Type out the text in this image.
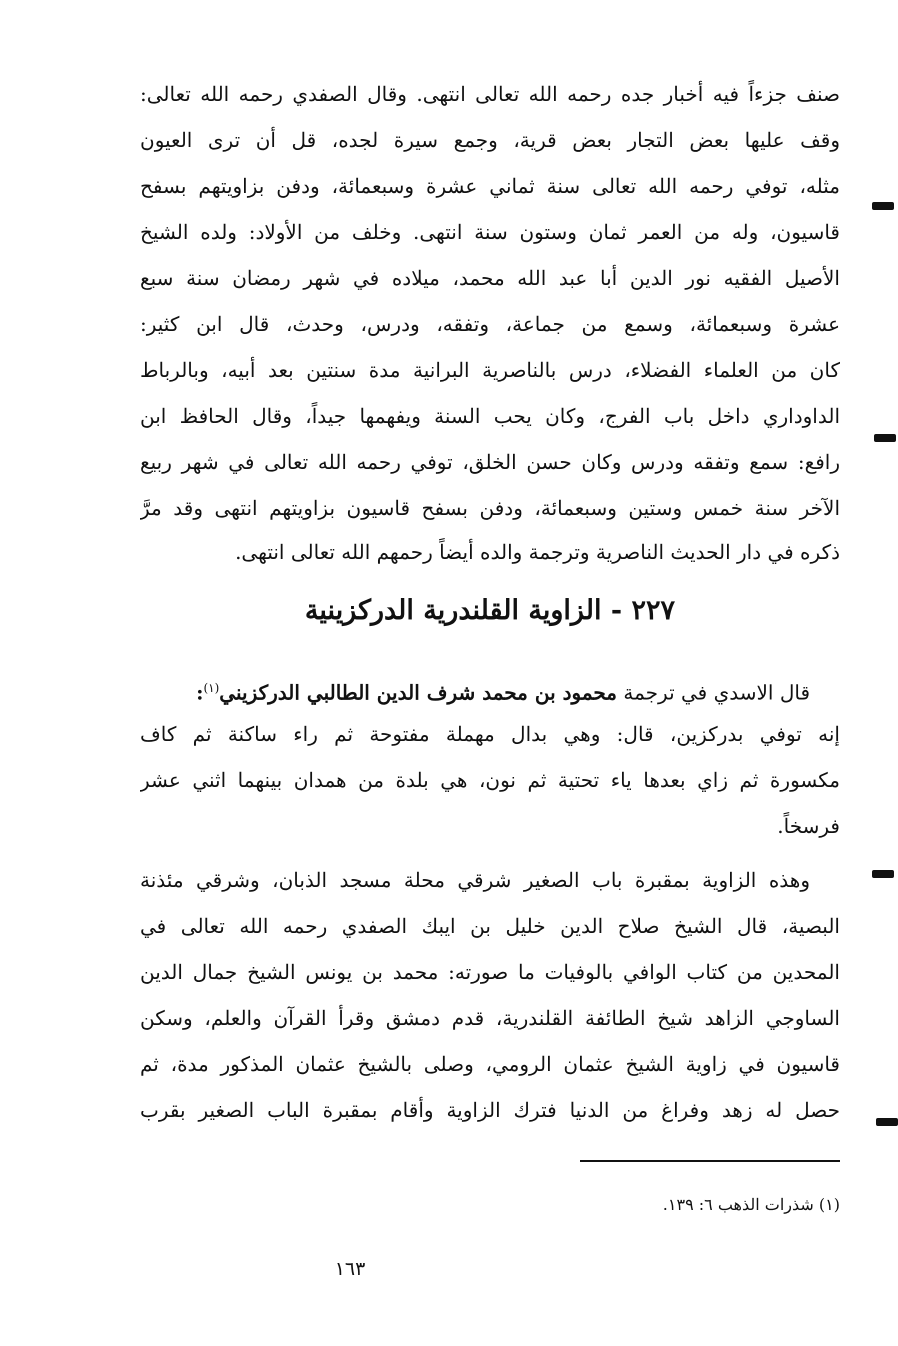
صنف جزءاً فيه أخبار جده رحمه الله تعالى انتهى. وقال الصفدي رحمه الله تعالى:
وقف عليها بعض التجار بعض قرية، وجمع سيرة لجده، قل أن ترى العيون
مثله، توفي رحمه الله تعالى سنة ثماني عشرة وسبعمائة، ودفن بزاويتهم بسفح
قاسيون، وله من العمر ثمان وستون سنة انتهى. وخلف من الأولاد: ولده الشيخ
الأصيل الفقيه نور الدين أبا عبد الله محمد، ميلاده في شهر رمضان سنة سبع
عشرة وسبعمائة، وسمع من جماعة، وتفقه، ودرس، وحدث، قال ابن كثير:
كان من العلماء الفضلاء، درس بالناصرية البرانية مدة سنتين بعد أبيه، وبالرباط
الداوداري داخل باب الفرج، وكان يحب السنة ويفهمها جيداً، وقال الحافظ ابن
رافع: سمع وتفقه ودرس وكان حسن الخلق، توفي رحمه الله تعالى في شهر ربيع
الآخر سنة خمس وستين وسبعمائة، ودفن بسفح قاسيون بزاويتهم انتهى وقد مرَّ
ذكره في دار الحديث الناصرية وترجمة والده أيضاً رحمهم الله تعالى انتهى.
٢٢٧ - الزاوية القلندرية الدركزينية
قال الاسدي في ترجمة محمود بن محمد شرف الدين الطالبي الدركزيني$^{(١)}$:
إنه توفي بدركزين، قال: وهي بدال مهملة مفتوحة ثم راء ساكنة ثم كاف
مكسورة ثم زاي بعدها ياء تحتية ثم نون، هي بلدة من همدان بينهما اثني عشر
فرسخاً.
وهذه الزاوية بمقبرة باب الصغير شرقي محلة مسجد الذبان، وشرقي مئذنة
البصية، قال الشيخ صلاح الدين خليل بن ايبك الصفدي رحمه الله تعالى في
المحدين من كتاب الوافي بالوفيات ما صورته: محمد بن يونس الشيخ جمال الدين
الساوجي الزاهد شيخ الطائفة القلندرية، قدم دمشق وقرأ القرآن والعلم، وسكن
قاسيون في زاوية الشيخ عثمان الرومي، وصلى بالشيخ عثمان المذكور مدة، ثم
حصل له زهد وفراغ من الدنيا فترك الزاوية وأقام بمقبرة الباب الصغير بقرب
(١) شذرات الذهب ٦: ١٣٩.
١٦٣
